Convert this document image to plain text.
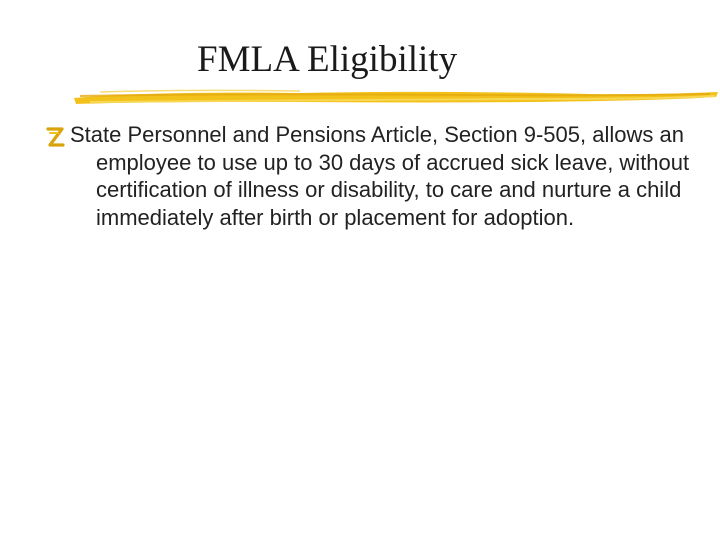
FMLA Eligibility

State Personnel and Pensions Article, Section 9-505, allows an employee to use up to 30 days of accrued sick leave, without certification of illness or disability, to care and nurture a child immediately after birth or placement for adoption.
